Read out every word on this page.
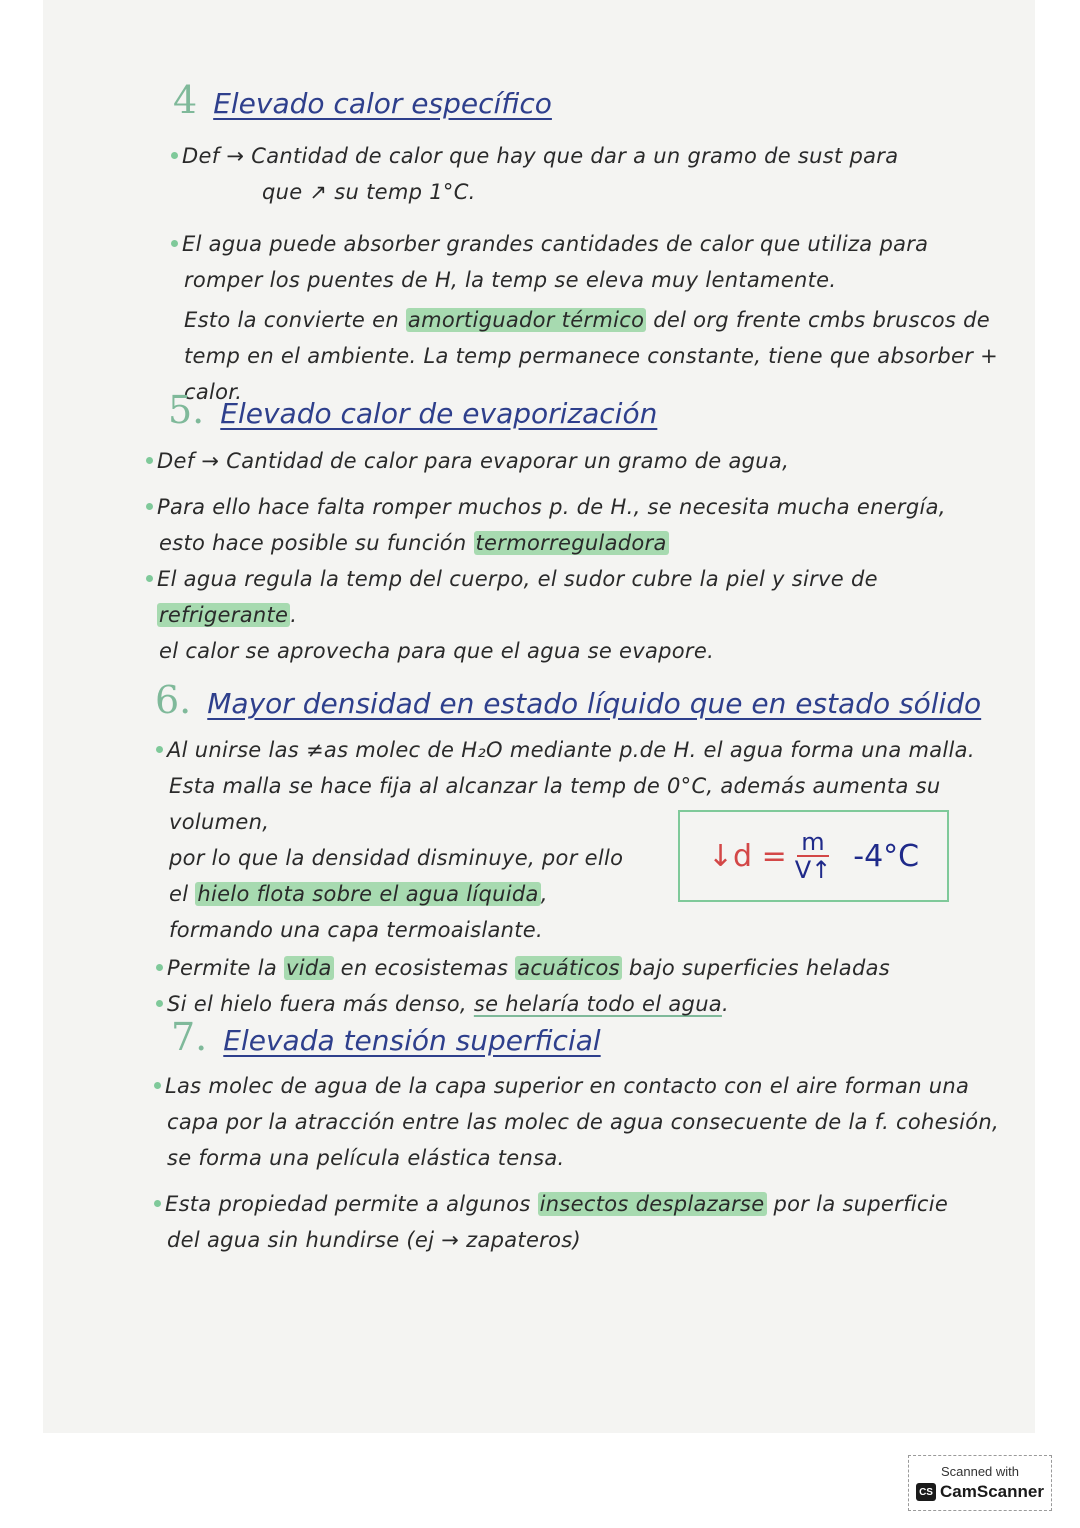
4 Elevado calor específico
Def → Cantidad de calor que hay que dar a un gramo de sust para
que ↗ su temp 1°C.
El agua puede absorber grandes cantidades de calor que utiliza para
romper los puentes de H, la temp se eleva muy lentamente.
Esto la convierte en amortiguador térmico del org frente cmbs bruscos de
temp en el ambiente. La temp permanece constante, tiene que absorber + calor.
5. Elevado calor de evaporización
Def → Cantidad de calor para evaporar un gramo de agua,
Para ello hace falta romper muchos p. de H., se necesita mucha energía,
esto hace posible su función termorreguladora
El agua regula la temp del cuerpo, el sudor cubre la piel y sirve de refrigerante.
el calor se aprovecha para que el agua se evapore.
6. Mayor densidad en estado líquido que en estado sólido
Al unirse las ≠as molec de H₂O mediante p.de H. el agua forma una malla.
Esta malla se hace fija al alcanzar la temp de 0°C, además aumenta su volumen,
por lo que la densidad disminuye, por ello
el hielo flota sobre el agua líquida,
formando una capa termoaislante.
Permite la vida en ecosistemas acuáticos bajo superficies heladas
Si el hielo fuera más denso, se helaría todo el agua.
↓d = $\frac{m}{V↑} -4^\circ C$
7. Elevada tensión superficial
Las molec de agua de la capa superior en contacto con el aire forman una
capa por la atracción entre las molec de agua consecuente de la f. cohesión,
se forma una película elástica tensa.
Esta propiedad permite a algunos insectos desplazarse por la superficie
del agua sin hundirse (ej → zapateros)
Scanned with
CS CamScanner
